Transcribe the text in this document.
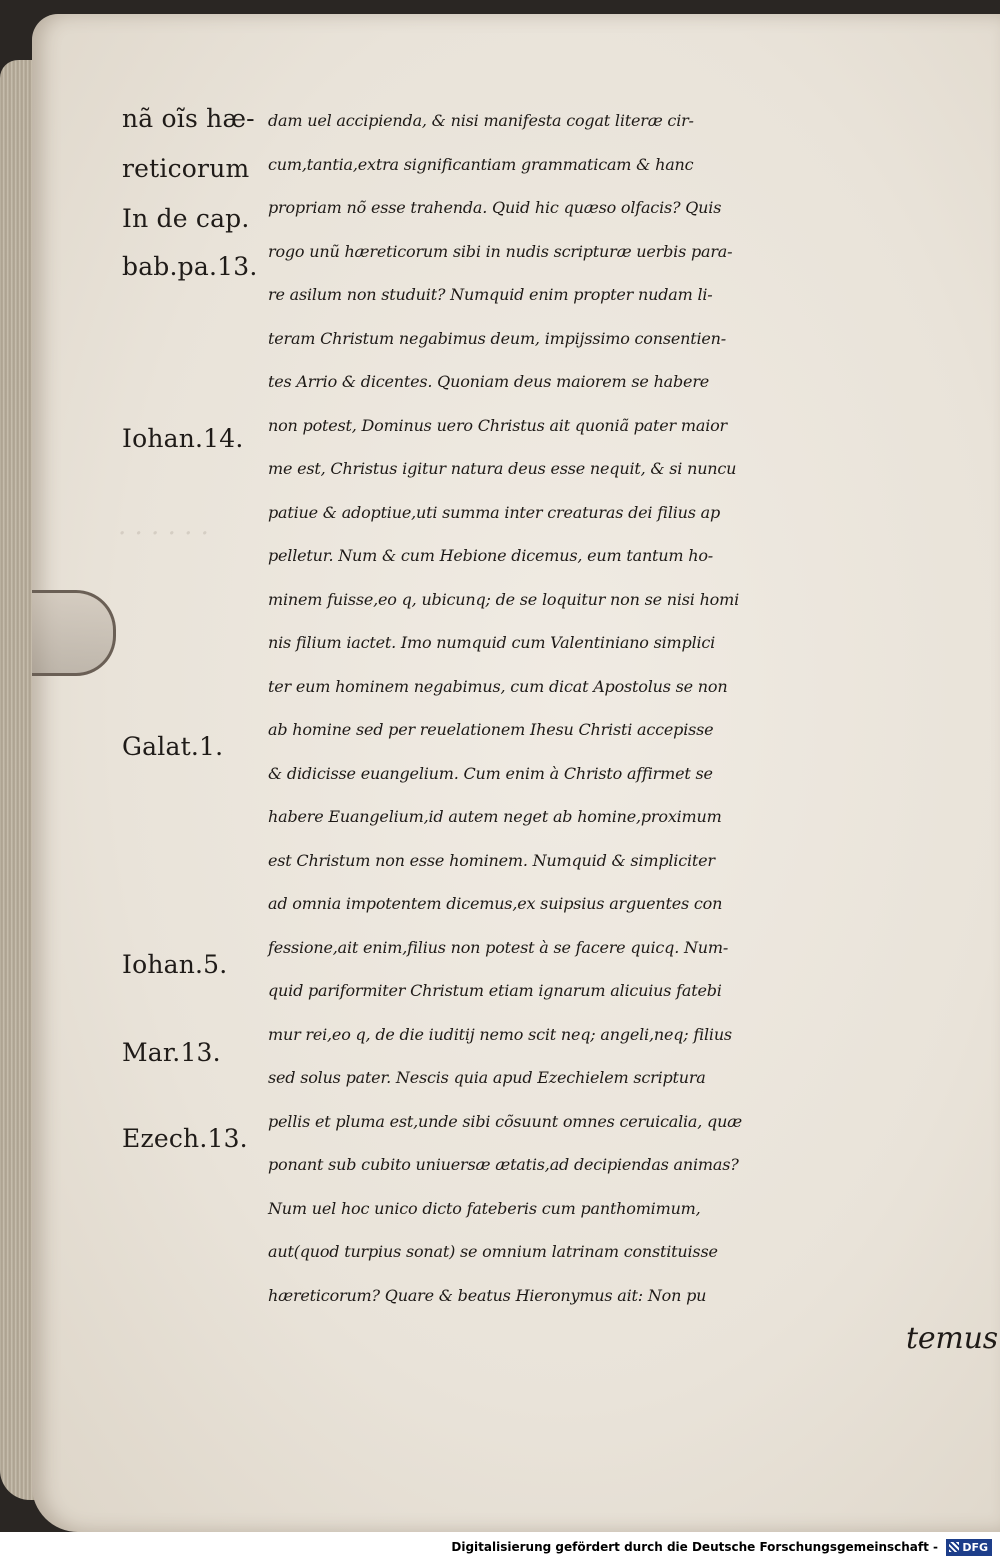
. . . . . .
nã oĩs hæ-
reticorum
In de cap.
bab.pa.13.
Iohan.14.
Galat.1.
Iohan.5.
Mar.13.
Ezech.13.
dam uel accipienda, & nisi manifesta cogat literæ cir-
cum,tantia,extra significantiam grammaticam & hanc
propriam nõ esse trahenda. Quid hic quæso olfacis? Quis
rogo unũ hæreticorum sibi in nudis scripturæ uerbis para-
re asilum non studuit? Numquid enim propter nudam li-
teram Christum negabimus deum, impijssimo consentien-
tes Arrio & dicentes. Quoniam deus maiorem se habere
non potest, Dominus uero Christus ait quoniã pater maior
me est, Christus igitur natura deus esse nequit, & si nuncu
patiue & adoptiue,uti summa inter creaturas dei filius ap
pelletur. Num & cum Hebione dicemus, eum tantum ho-
minem fuisse,eo q, ubicunq; de se loquitur non se nisi homi
nis filium iactet. Imo numquid cum Valentiniano simplici
ter eum hominem negabimus, cum dicat Apostolus se non
ab homine sed per reuelationem Ihesu Christi accepisse
& didicisse euangelium. Cum enim à Christo affirmet se
habere Euangelium,id autem neget ab homine,proximum
est Christum non esse hominem. Numquid & simpliciter
ad omnia impotentem dicemus,ex suipsius arguentes con
fessione,ait enim,filius non potest à se facere quicq. Num-
quid pariformiter Christum etiam ignarum alicuius fatebi
mur rei,eo q, de die iuditij nemo scit neq; angeli,neq; filius
sed solus pater. Nescis quia apud Ezechielem scriptura
pellis et pluma est,unde sibi cõsuunt omnes ceruicalia, quæ
ponant sub cubito uniuersæ ætatis,ad decipiendas animas?
Num uel hoc unico dicto fateberis cum panthomimum,
aut(quod turpius sonat) se omnium latrinam constituisse
hæreticorum? Quare & beatus Hieronymus ait: Non pu
temus
Digitalisierung gefördert durch die Deutsche Forschungsgemeinschaft -	DFG
